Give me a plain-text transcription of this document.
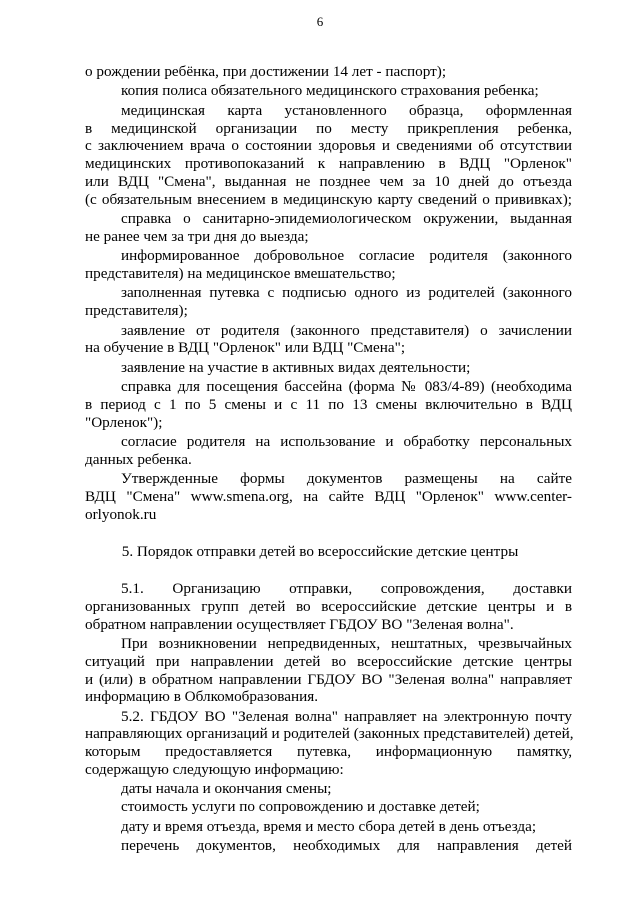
6
о рождении ребёнка, при достижении 14 лет - паспорт);
копия полиса обязательного медицинского страхования ребенка;
медицинская карта установленного образца, оформленная
в медицинской организации по месту прикрепления ребенка,
с заключением врача о состоянии здоровья и сведениями об отсутствии
медицинских противопоказаний к направлению в ВДЦ "Орленок"
или ВДЦ "Смена", выданная не позднее чем за 10 дней до отъезда
(с обязательным внесением в медицинскую карту сведений о прививках);
справка о санитарно-эпидемиологическом окружении, выданная
не ранее чем за три дня до выезда;
информированное добровольное согласие родителя (законного
представителя) на медицинское вмешательство;
заполненная путевка с подписью одного из родителей (законного
представителя);
заявление от родителя (законного представителя) о зачислении
на обучение в ВДЦ "Орленок" или ВДЦ "Смена";
заявление на участие в активных видах деятельности;
справка для посещения бассейна (форма № 083/4-89) (необходима
в период с 1 по 5 смены и с 11 по 13 смены включительно в ВДЦ
"Орленок");
согласие родителя на использование и обработку персональных
данных ребенка.
Утвержденные формы документов размещены на сайте
ВДЦ "Смена" www.smena.org, на сайте ВДЦ "Орленок" www.center-
orlyonok.ru
5. Порядок отправки детей во всероссийские детские центры
5.1. Организацию отправки, сопровождения, доставки
организованных групп детей во всероссийские детские центры и в
обратном направлении осуществляет ГБДОУ ВО "Зеленая волна".
При возникновении непредвиденных, нештатных, чрезвычайных
ситуаций при направлении детей во всероссийские детские центры
и (или) в обратном направлении ГБДОУ ВО "Зеленая волна" направляет
информацию в Облкомобразования.
5.2. ГБДОУ ВО "Зеленая волна" направляет на электронную почту
направляющих организаций и родителей (законных представителей) детей,
которым предоставляется путевка, информационную памятку,
содержащую следующую информацию:
даты начала и окончания смены;
стоимость услуги по сопровождению и доставке детей;
дату и время отъезда, время и место сбора детей в день отъезда;
перечень документов, необходимых для направления детей
